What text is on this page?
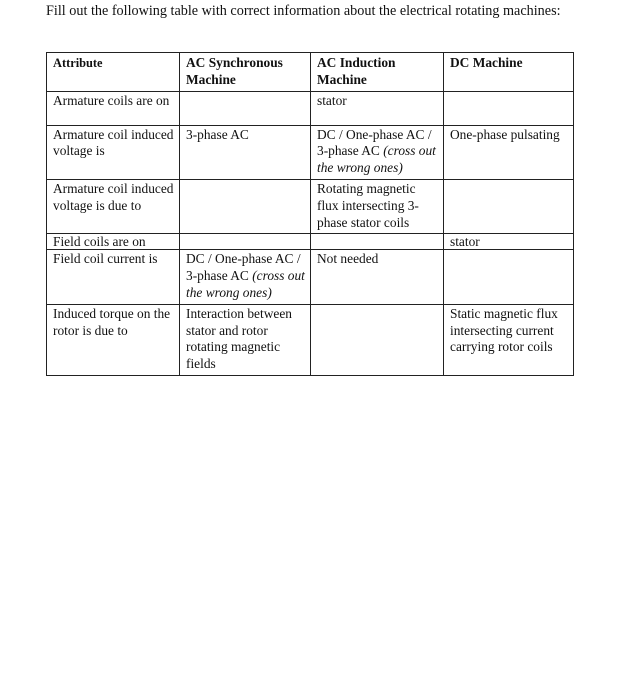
Fill out the following table with correct information about the electrical rotating machines:

Attribute	AC Synchronous Machine	AC Induction Machine	DC Machine
Armature coils are on		stator	
Armature coil induced voltage is	3-phase AC	DC / One-phase AC / 3-phase AC (cross out the wrong ones)	One-phase pulsating
Armature coil induced voltage is due to		Rotating magnetic flux intersecting 3-phase stator coils	
Field coils are on			stator
Field coil current is	DC / One-phase AC / 3-phase AC (cross out the wrong ones)	Not needed	
Induced torque on the rotor is due to	Interaction between stator and rotor rotating magnetic fields		Static magnetic flux intersecting current carrying rotor coils
